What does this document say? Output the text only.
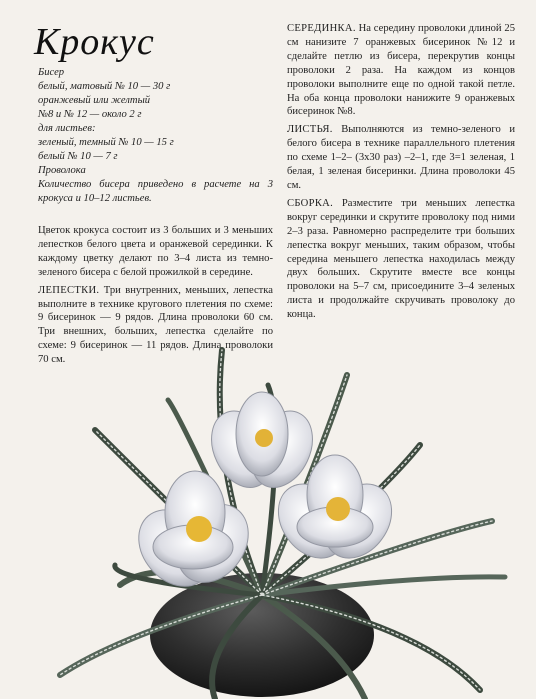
Крокус

Бисер

белый, матовый № 10 — 30 г

оранжевый или желтый

№8 и № 12 — около 2 г

для листьев:

зеленый, темный № 10 — 15 г

белый № 10 — 7 г

Проволока

Количество бисера приведено в расчете на 3 крокуса и 10–12 листьев.

Цветок крокуса состоит из 3 больших и 3 меньших лепестков белого цвета и оранжевой серединки. К каждому цветку делают по 3–4 листа из темно-зеленого бисера с белой прожилкой в середине.

ЛЕПЕСТКИ. Три внутренних, меньших, лепестка выполните в технике кругового плетения по схеме: 9 бисеринок — 9 рядов. Длина проволоки 60 см. Три внешних, больших, лепестка сделайте по схеме: 9 бисеринок — 11 рядов. Длина проволоки 70 см.

СЕРЕДИНКА. На середину проволоки длиной 25 см нанизите 7 оранжевых бисеринок №12 и сделайте петлю из бисера, перекрутив концы проволоки 2 раза. На каждом из концов проволоки выполните еще по одной такой петле. На оба конца проволоки нанижите 9 оранжевых бисеринок №8.

ЛИСТЬЯ. Выполняются из темно-зеленого и белого бисера в технике параллельного плетения по схеме 1–2– (3х30 раз) –2–1, где 3=1 зеленая, 1 белая, 1 зеленая бисеринки. Длина проволоки 45 см.

СБОРКА. Разместите три меньших лепестка вокруг серединки и скрутите проволоку под ними 2–3 раза. Равномерно распределите три больших лепестка вокруг меньших, таким образом, чтобы середина меньшего лепестка находилась между двух больших. Скрутите вместе все концы проволоки на 5–7 см, присоедините 3–4 зеленых листа и продолжайте скручивать проволоку до конца.
